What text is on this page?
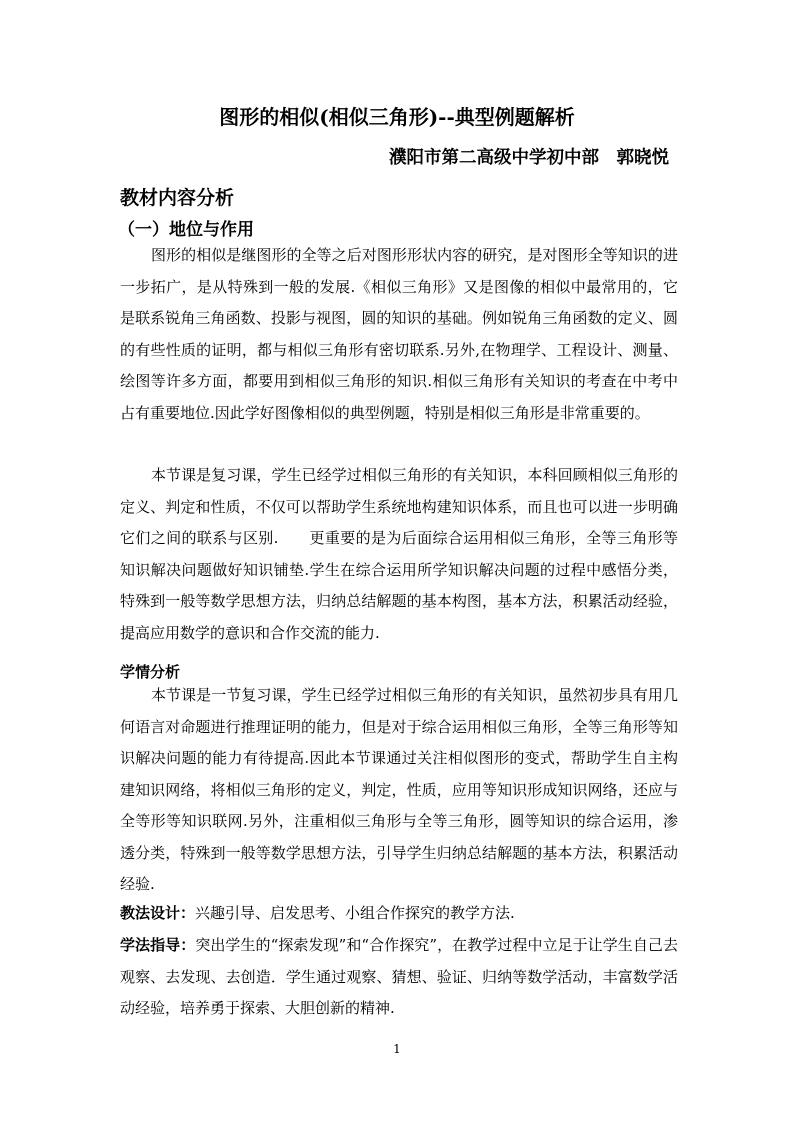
图形的相似(相似三角形)--典型例题解析
濮阳市第二高级中学初中部　郭晓悦
教材内容分析
（一）地位与作用

图形的相似是继图形的全等之后对图形形状内容的研究，是对图形全等知识的进一步拓广，是从特殊到一般的发展.《相似三角形》又是图像的相似中最常用的，它是联系锐角三角函数、投影与视图，圆的知识的基础。例如锐角三角函数的定义、圆的有些性质的证明，都与相似三角形有密切联系.另外,在物理学、工程设计、测量、绘图等许多方面，都要用到相似三角形的知识.相似三角形有关知识的考查在中考中占有重要地位.因此学好图像相似的典型例题，特别是相似三角形是非常重要的。

本节课是复习课，学生已经学过相似三角形的有关知识，本科回顾相似三角形的定义、判定和性质，不仅可以帮助学生系统地构建知识体系，而且也可以进一步明确它们之间的联系与区别.　　更重要的是为后面综合运用相似三角形，全等三角形等知识解决问题做好知识铺垫.学生在综合运用所学知识解决问题的过程中感悟分类，特殊到一般等数学思想方法，归纳总结解题的基本构图，基本方法，积累活动经验，提高应用数学的意识和合作交流的能力.

学情分析

本节课是一节复习课，学生已经学过相似三角形的有关知识，虽然初步具有用几何语言对命题进行推理证明的能力，但是对于综合运用相似三角形，全等三角形等知识解决问题的能力有待提高.因此本节课通过关注相似图形的变式，帮助学生自主构建知识网络，将相似三角形的定义，判定，性质，应用等知识形成知识网络，还应与全等形等知识联网.另外，注重相似三角形与全等三角形，圆等知识的综合运用，渗透分类，特殊到一般等数学思想方法，引导学生归纳总结解题的基本方法，积累活动经验.

教法设计：兴趣引导、启发思考、小组合作探究的教学方法.

学法指导：突出学生的“探索发现”和“合作探究”，在教学过程中立足于让学生自己去观察、去发现、去创造．学生通过观察、猜想、验证、归纳等数学活动，丰富数学活动经验，培养勇于探索、大胆创新的精神.

1
